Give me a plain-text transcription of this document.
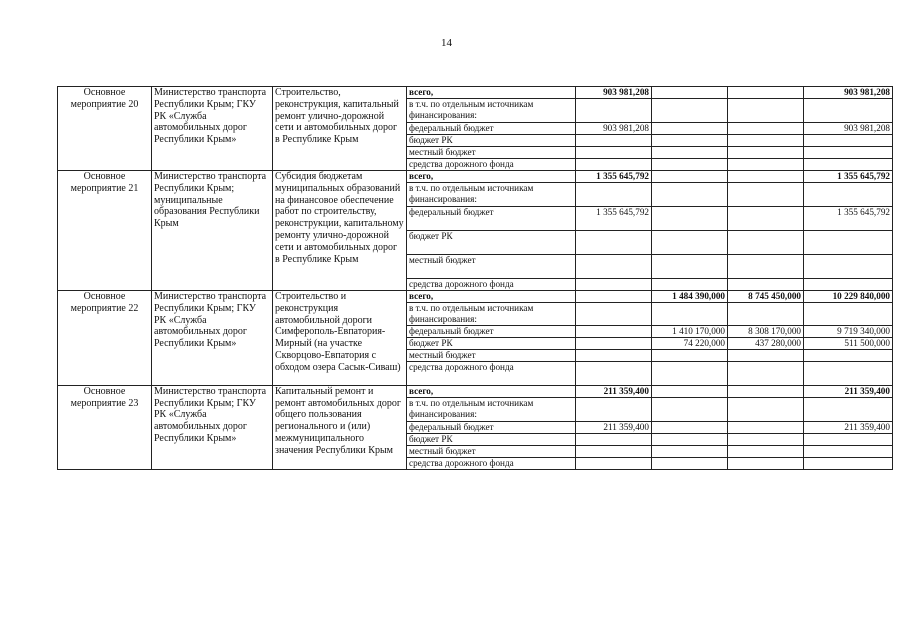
14
Основное мероприятие 20	Министерство транспорта Республики Крым; ГКУ РК «Служба автомобильных дорог Республики Крым»	Строительство, реконструкция, капитальный ремонт улично-дорожной сети и автомобильных дорог в Республике Крым	всего,	903 981,208			903 981,208
			в т.ч. по отдельным источникам финансирования:				
			федеральный бюджет	903 981,208			903 981,208
			бюджет РК				
			местный бюджет				
			средства дорожного фонда				
Основное мероприятие 21	Министерство транспорта Республики Крым; муниципальные образования Республики Крым	Субсидия бюджетам муниципальных образований на финансовое обеспечение работ по строительству, реконструкции, капитальному ремонту улично-дорожной сети и автомобильных дорог в Республике Крым	всего,	1 355 645,792			1 355 645,792
			в т.ч. по отдельным источникам финансирования:				
			федеральный бюджет	1 355 645,792			1 355 645,792
			бюджет РК				
			местный бюджет				
			средства дорожного фонда				
Основное мероприятие 22	Министерство транспорта Республики Крым; ГКУ РК «Служба автомобильных дорог Республики Крым»	Строительство и реконструкция автомобильной дороги Симферополь-Евпатория-Мирный (на участке Скворцово-Евпатория с обходом озера Сасык-Сиваш)	всего,		1 484 390,000	8 745 450,000	10 229 840,000
			в т.ч. по отдельным источникам финансирования:				
			федеральный бюджет		1 410 170,000	8 308 170,000	9 719 340,000
			бюджет РК		74 220,000	437 280,000	511 500,000
			местный бюджет				
			средства дорожного фонда				
Основное мероприятие 23	Министерство транспорта Республики Крым; ГКУ РК «Служба автомобильных дорог Республики Крым»	Капитальный ремонт и ремонт автомобильных дорог общего пользования регионального и (или) межмуниципального значения Республики Крым	всего,	211 359,400			211 359,400
			в т.ч. по отдельным источникам финансирования:				
			федеральный бюджет	211 359,400			211 359,400
			бюджет РК				
			местный бюджет				
			средства дорожного фонда				
